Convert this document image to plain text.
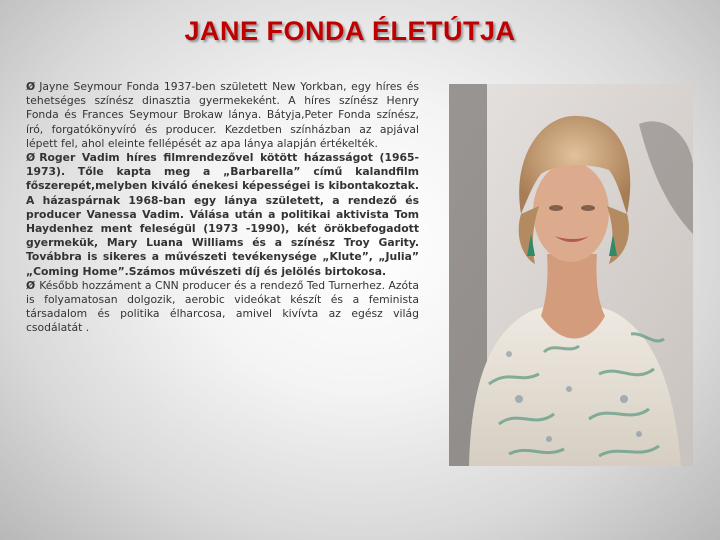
JANE FONDA ÉLETÚTJA

Ø Jayne Seymour Fonda 1937-ben született New Yorkban, egy híres és tehetséges színész dinasztia gyermekeként. A híres színész Henry Fonda és Frances Seymour Brokaw lánya. Bátyja,Peter Fonda színész, író, forgatókönyvíró és producer. Kezdetben színházban az apjával lépett fel, ahol eleinte fellépését az apa lánya alapján értékelték.

Ø Roger Vadim híres filmrendezővel kötött házasságot (1965-1973). Tőle kapta meg a „Barbarella” című kalandfilm főszerepét,melyben kiváló énekesi képességei is kibontakoztak. A házaspárnak 1968-ban egy lánya született, a rendező és producer Vanessa Vadim. Válása után a politikai aktivista Tom Haydenhez ment feleségül (1973 -1990), két örökbefogadott gyermekük, Mary Luana Williams és a színész Troy Garity. Továbbra is sikeres a művészeti tevékenysége „Klute”, „Julia” „Coming Home”.Számos művészeti díj és jelölés birtokosa.

Ø Később hozzáment a CNN producer és a rendező Ted Turnerhez. Azóta is folyamatosan dolgozik, aerobic videókat készít és a feminista társadalom és politika élharcosa, amivel kivívta az egész világ csodálatát .
